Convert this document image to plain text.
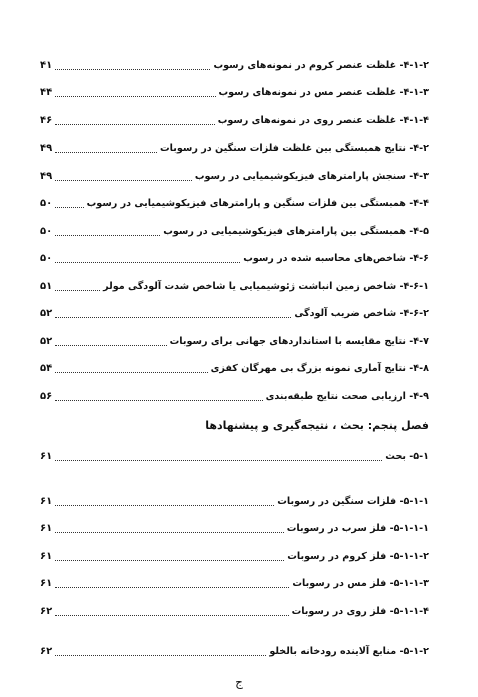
۴-۱-۲- غلظت عنصر کروم در نمونه‌های رسوب
۴۱
۴-۱-۳- غلظت عنصر مس در نمونه‌های رسوب
۴۴
۴-۱-۴- غلظت عنصر روی در نمونه‌های رسوب
۴۶
۴-۲- نتایج همبستگی بین غلظت فلزات سنگین در رسوبات
۴۹
۴-۳- سنجش پارامترهای فیزیکوشیمیایی در رسوب
۴۹
۴-۴- همبستگی بین فلزات سنگین و پارامترهای فیزیکوشیمیایی در رسوب
۵۰
۴-۵- همبستگی بین پارامترهای فیزیکوشیمیایی در رسوب
۵۰
۴-۶- شاخص‌های محاسبه شده در رسوب
۵۰
۴-۶-۱- شاخص زمین انباشت ژئوشیمیایی یا شاخص شدت آلودگی مولر
۵۱
۴-۶-۲- شاخص ضریب آلودگی
۵۲
۴-۷- نتایج مقایسه با استانداردهای جهانی برای رسوبات
۵۲
۴-۸- نتایج آماری نمونه بزرگ بی مهرگان کفزی
۵۴
۴-۹- ارزیابی صحت نتایج طبقه‌بندی
۵۶
فصل پنجم: بحث ، نتیجه‌گیری و پیشنهادها
۵-۱- بحث
۶۱
۵-۱-۱- فلزات سنگین در رسوبات
۶۱
۵-۱-۱-۱- فلز سرب در رسوبات
۶۱
۵-۱-۱-۲- فلز کروم در رسوبات
۶۱
۵-۱-۱-۳- فلز مس در رسوبات
۶۱
۵-۱-۱-۴- فلز روی در رسوبات
۶۲
۵-۱-۲- منابع آلاینده رودخانه بالخلو
۶۲
ج
